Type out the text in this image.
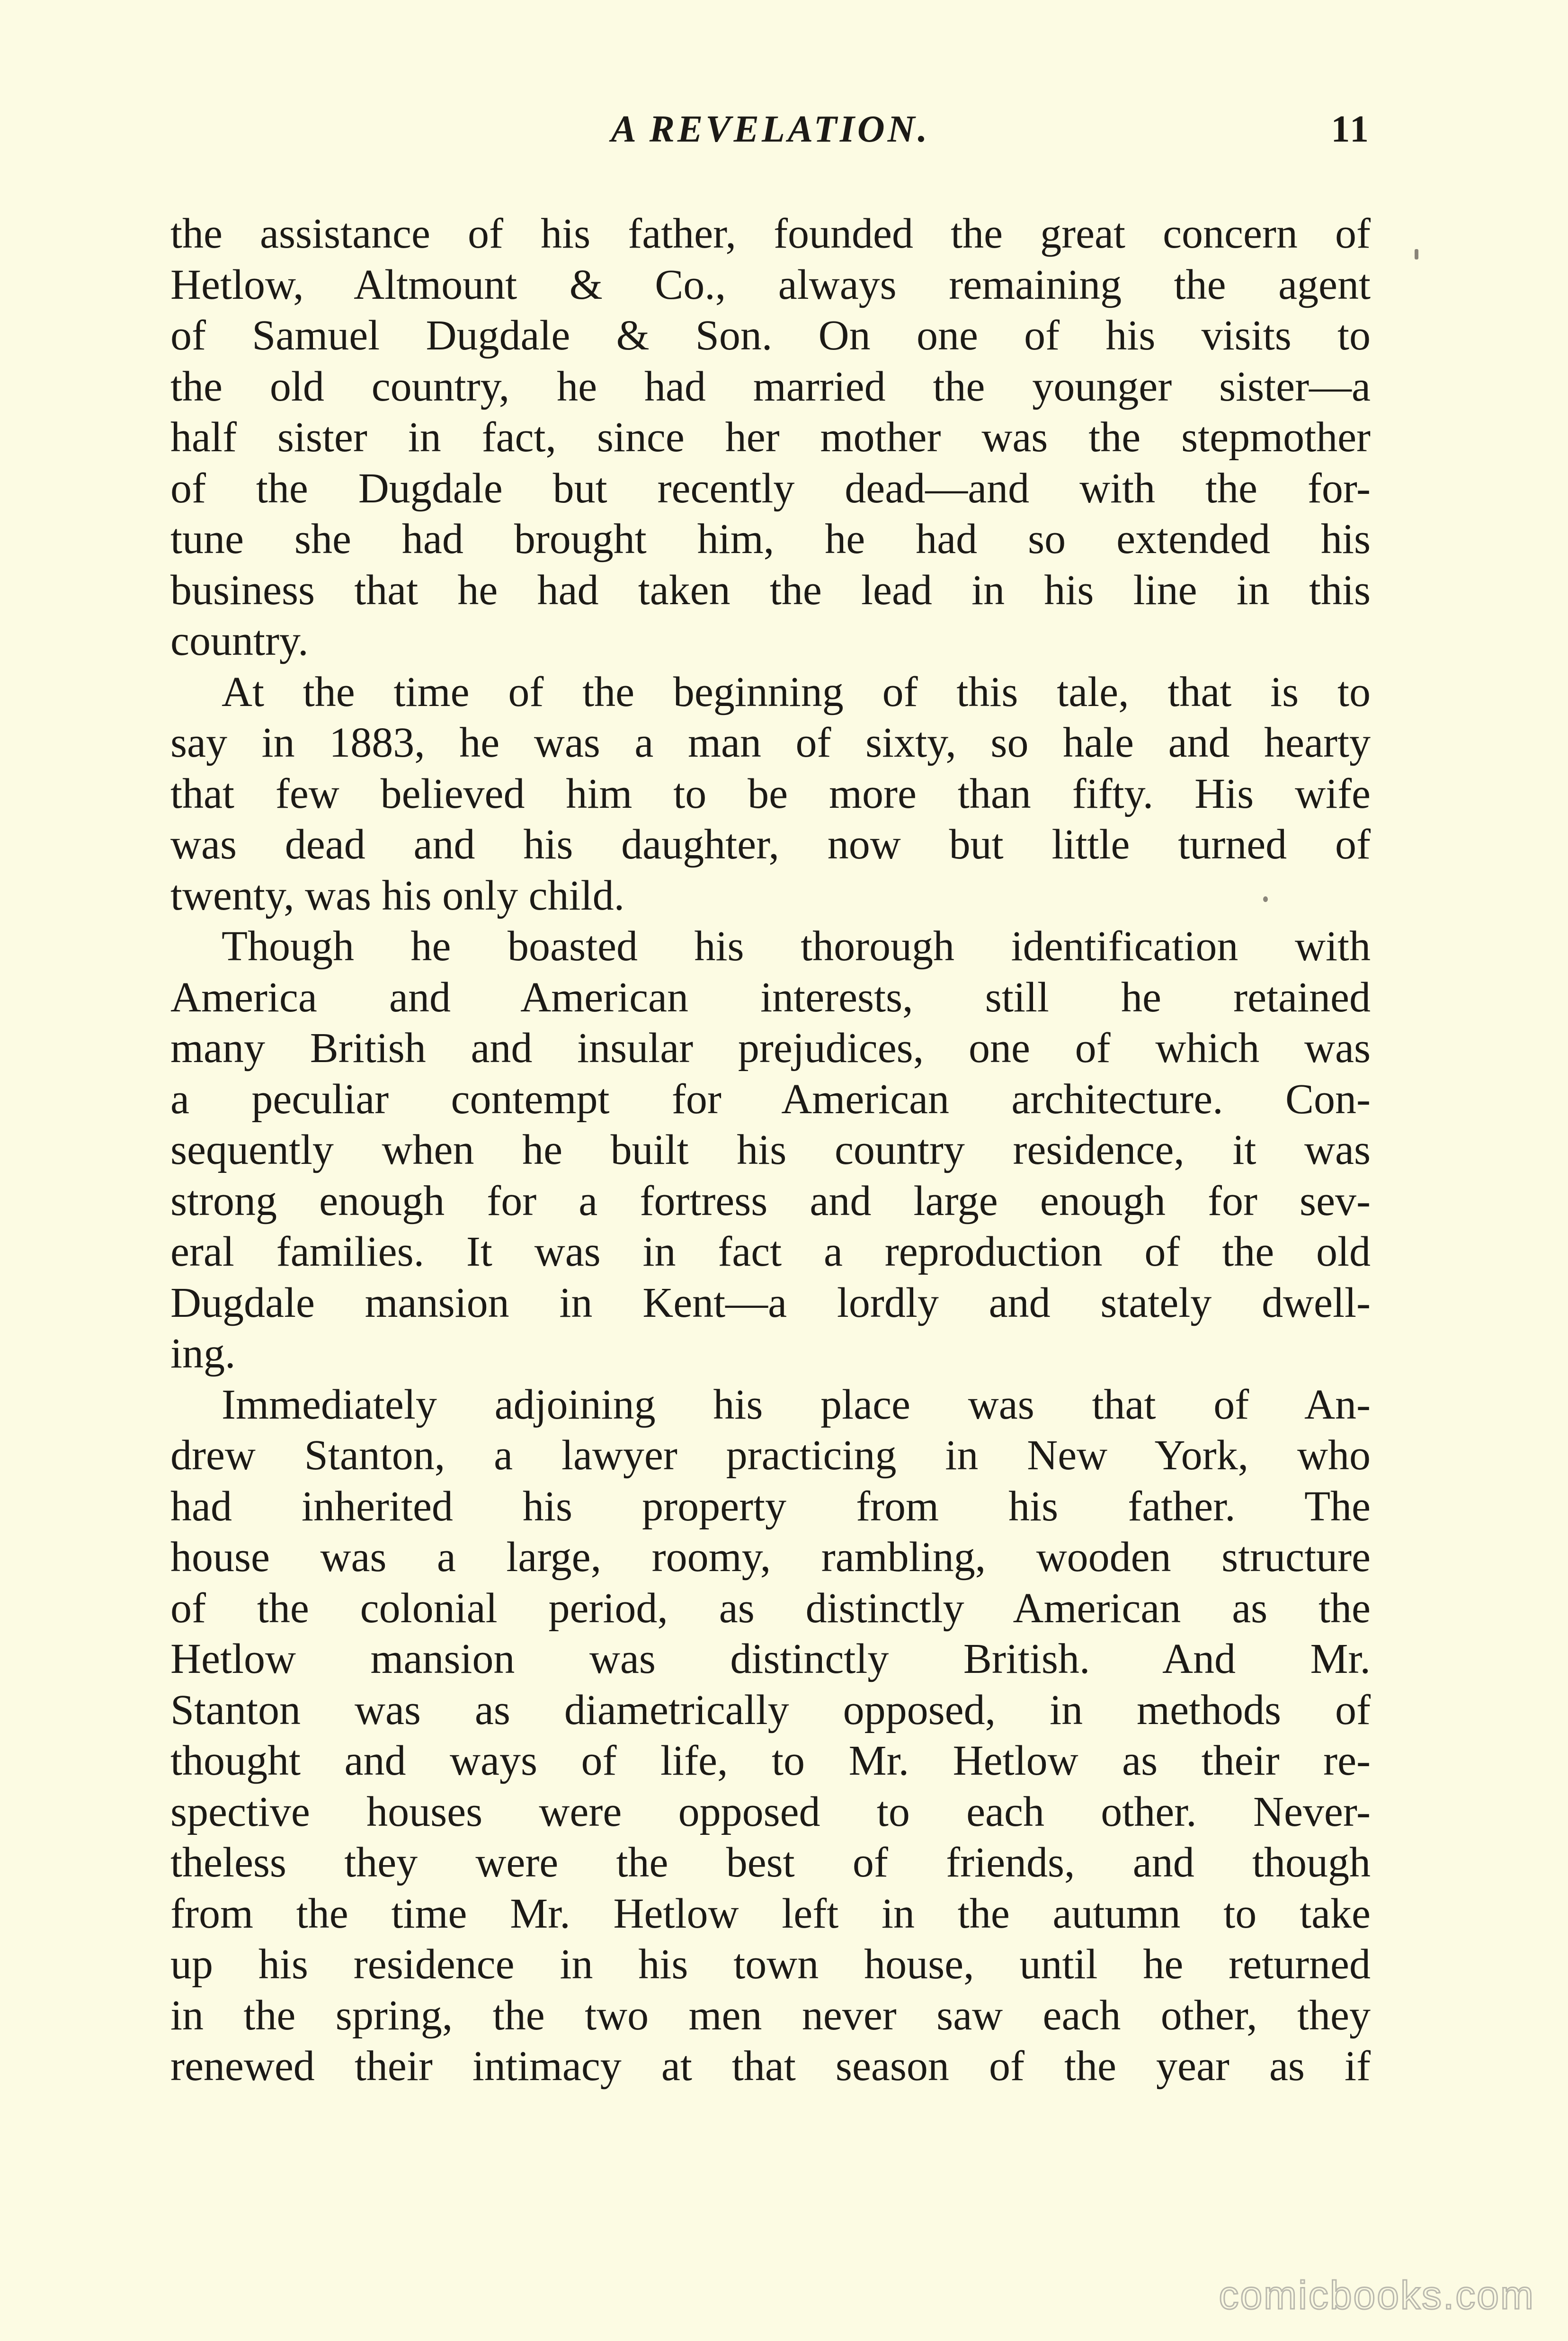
A REVELATION.	11
the assistance of his father, founded the great concern of
Hetlow, Altmount & Co., always remaining the agent
of Samuel Dugdale & Son. On one of his visits to
the old country, he had married the younger sister—a
half sister in fact, since her mother was the stepmother
of the Dugdale but recently dead—and with the for-
tune she had brought him, he had so extended his
business that he had taken the lead in his line in this
country.
At the time of the beginning of this tale, that is to
say in 1883, he was a man of sixty, so hale and hearty
that few believed him to be more than fifty. His wife
was dead and his daughter, now but little turned of
twenty, was his only child.
Though he boasted his thorough identification with
America and American interests, still he retained
many British and insular prejudices, one of which was
a peculiar contempt for American architecture. Con-
sequently when he built his country residence, it was
strong enough for a fortress and large enough for sev-
eral families. It was in fact a reproduction of the old
Dugdale mansion in Kent—a lordly and stately dwell-
ing.
Immediately adjoining his place was that of An-
drew Stanton, a lawyer practicing in New York, who
had inherited his property from his father. The
house was a large, roomy, rambling, wooden structure
of the colonial period, as distinctly American as the
Hetlow mansion was distinctly British. And Mr.
Stanton was as diametrically opposed, in methods of
thought and ways of life, to Mr. Hetlow as their re-
spective houses were opposed to each other. Never-
theless they were the best of friends, and though
from the time Mr. Hetlow left in the autumn to take
up his residence in his town house, until he returned
in the spring, the two men never saw each other, they
renewed their intimacy at that season of the year as if
comicbooks.com
